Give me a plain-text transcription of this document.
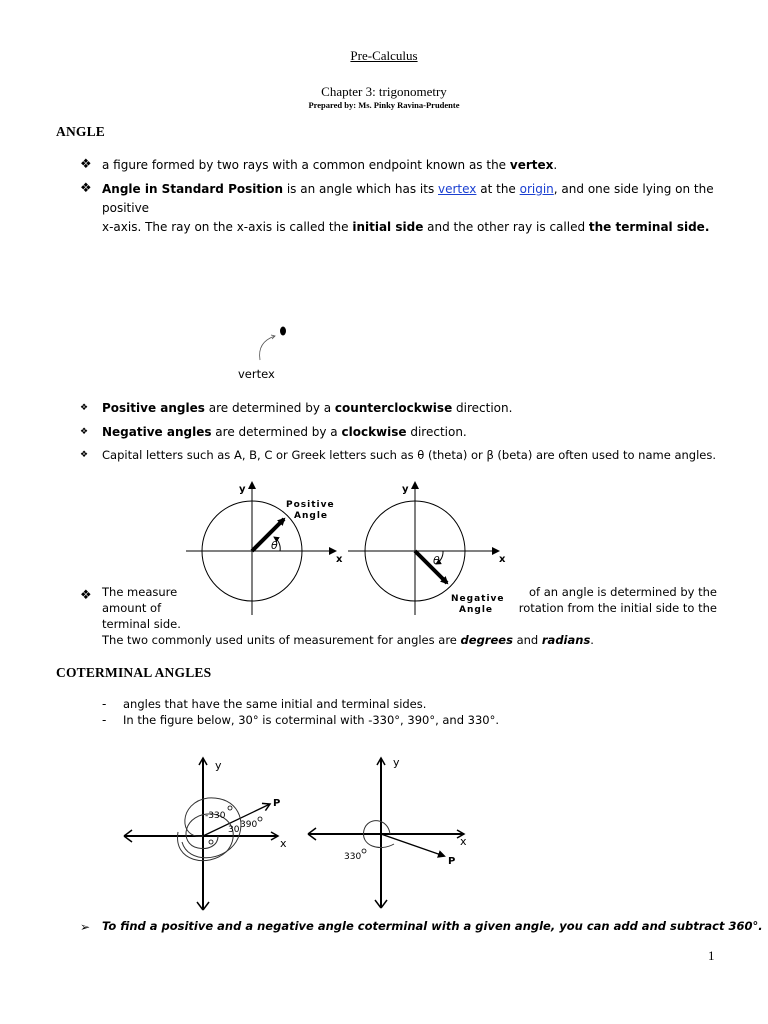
Pre-Calculus
Chapter 3: trigonometry
Prepared by: Ms. Pinky Ravina-Prudente
ANGLE
❖ a figure formed by two rays with a common endpoint known as the vertex.
❖ Angle in Standard Position is an angle which has its vertex at the origin, and one side lying on the positive
x-axis. The ray on the x-axis is called the initial side and the other ray is called the terminal side.
vertex
❖ Positive angles are determined by a counterclockwise direction.
❖ Negative angles are determined by a clockwise direction.
❖ Capital letters such as A, B, C or Greek letters such as θ (theta) or β (beta) are often used to name angles.
y
x
Positive
Angle
θ
y
x
Negative
Angle
θ
❖ The measure
amount of
of an angle is determined by the
rotation from the initial side to the
terminal side.
The two commonly used units of measurement for angles are degrees and radians.
COTERMINAL ANGLES
- angles that have the same initial and terminal sides.
- In the figure below, 30° is coterminal with -330°, 390°, and 330°.
y
x
P
-330
390
30
y
x
P
330
➢ To find a positive and a negative angle coterminal with a given angle, you can add and subtract 360°.
1
